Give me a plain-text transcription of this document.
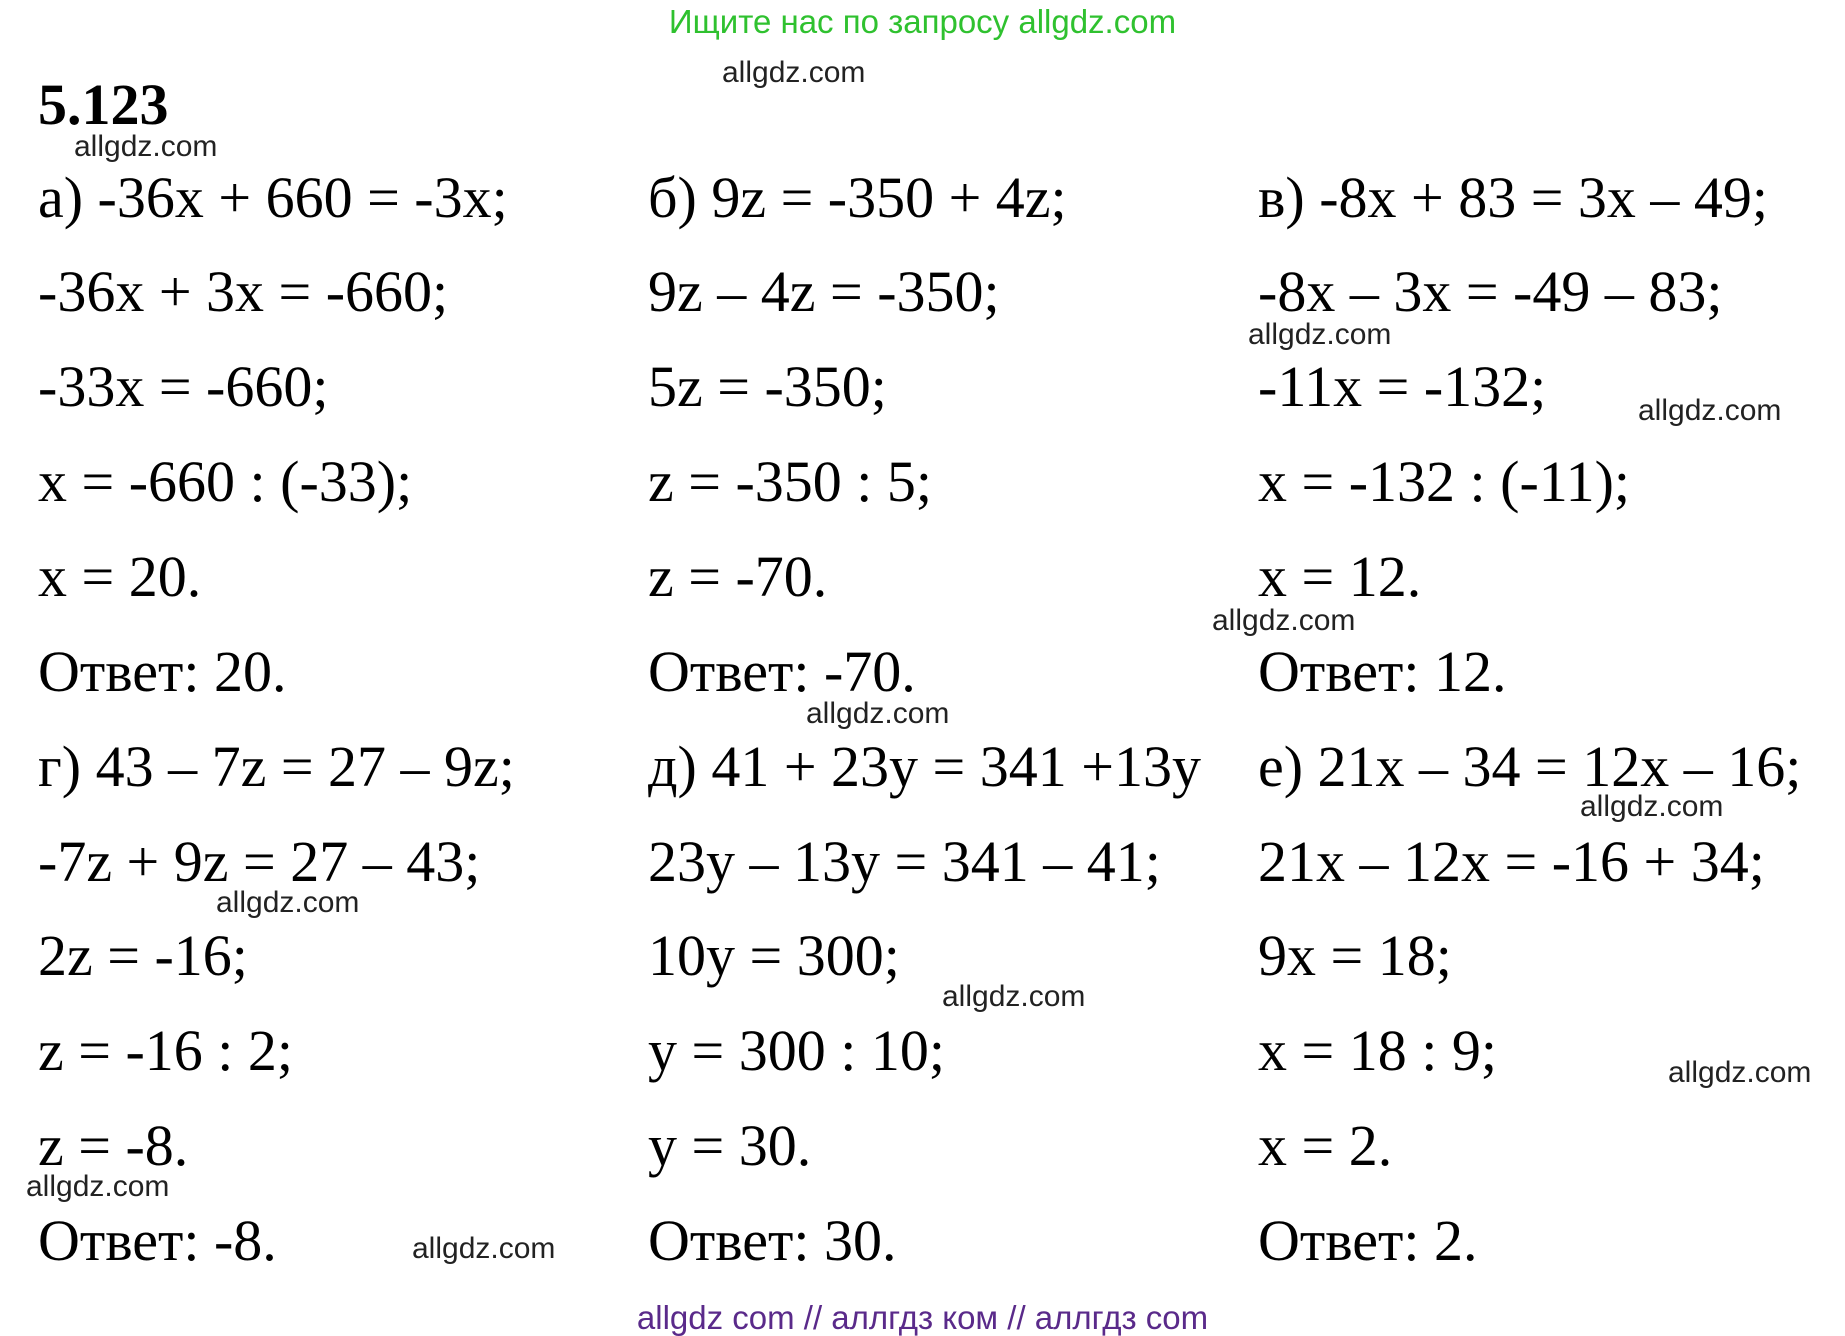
Ищите нас по запросу allgdz.com
5.123
а) -36x + 660 = -3x;
-36x + 3x = -660;
-33x = -660;
x = -660 : (-33);
x = 20.
Ответ: 20.
б) 9z = -350 + 4z;
9z – 4z = -350;
5z = -350;
z = -350 : 5;
z = -70.
Ответ: -70.
в) -8x + 83 = 3x – 49;
-8x – 3x = -49 – 83;
-11x = -132;
x = -132 : (-11);
x = 12.
Ответ: 12.
г) 43 – 7z = 27 – 9z;
-7z + 9z = 27 – 43;
2z = -16;
z = -16 : 2;
z = -8.
Ответ: -8.
д) 41 + 23y = 341 +13y
23y – 13y = 341 – 41;
10y = 300;
y = 300 : 10;
y = 30.
Ответ: 30.
е) 21x – 34 = 12x – 16;
21x – 12x = -16 + 34;
9x = 18;
x = 18 : 9;
x = 2.
Ответ: 2.
allgdz.com
allgdz.com
allgdz.com
allgdz.com
allgdz.com
allgdz.com
allgdz.com
allgdz.com
allgdz.com
allgdz.com
allgdz.com
allgdz.com
allgdz com // аллгдз ком // аллгдз com
